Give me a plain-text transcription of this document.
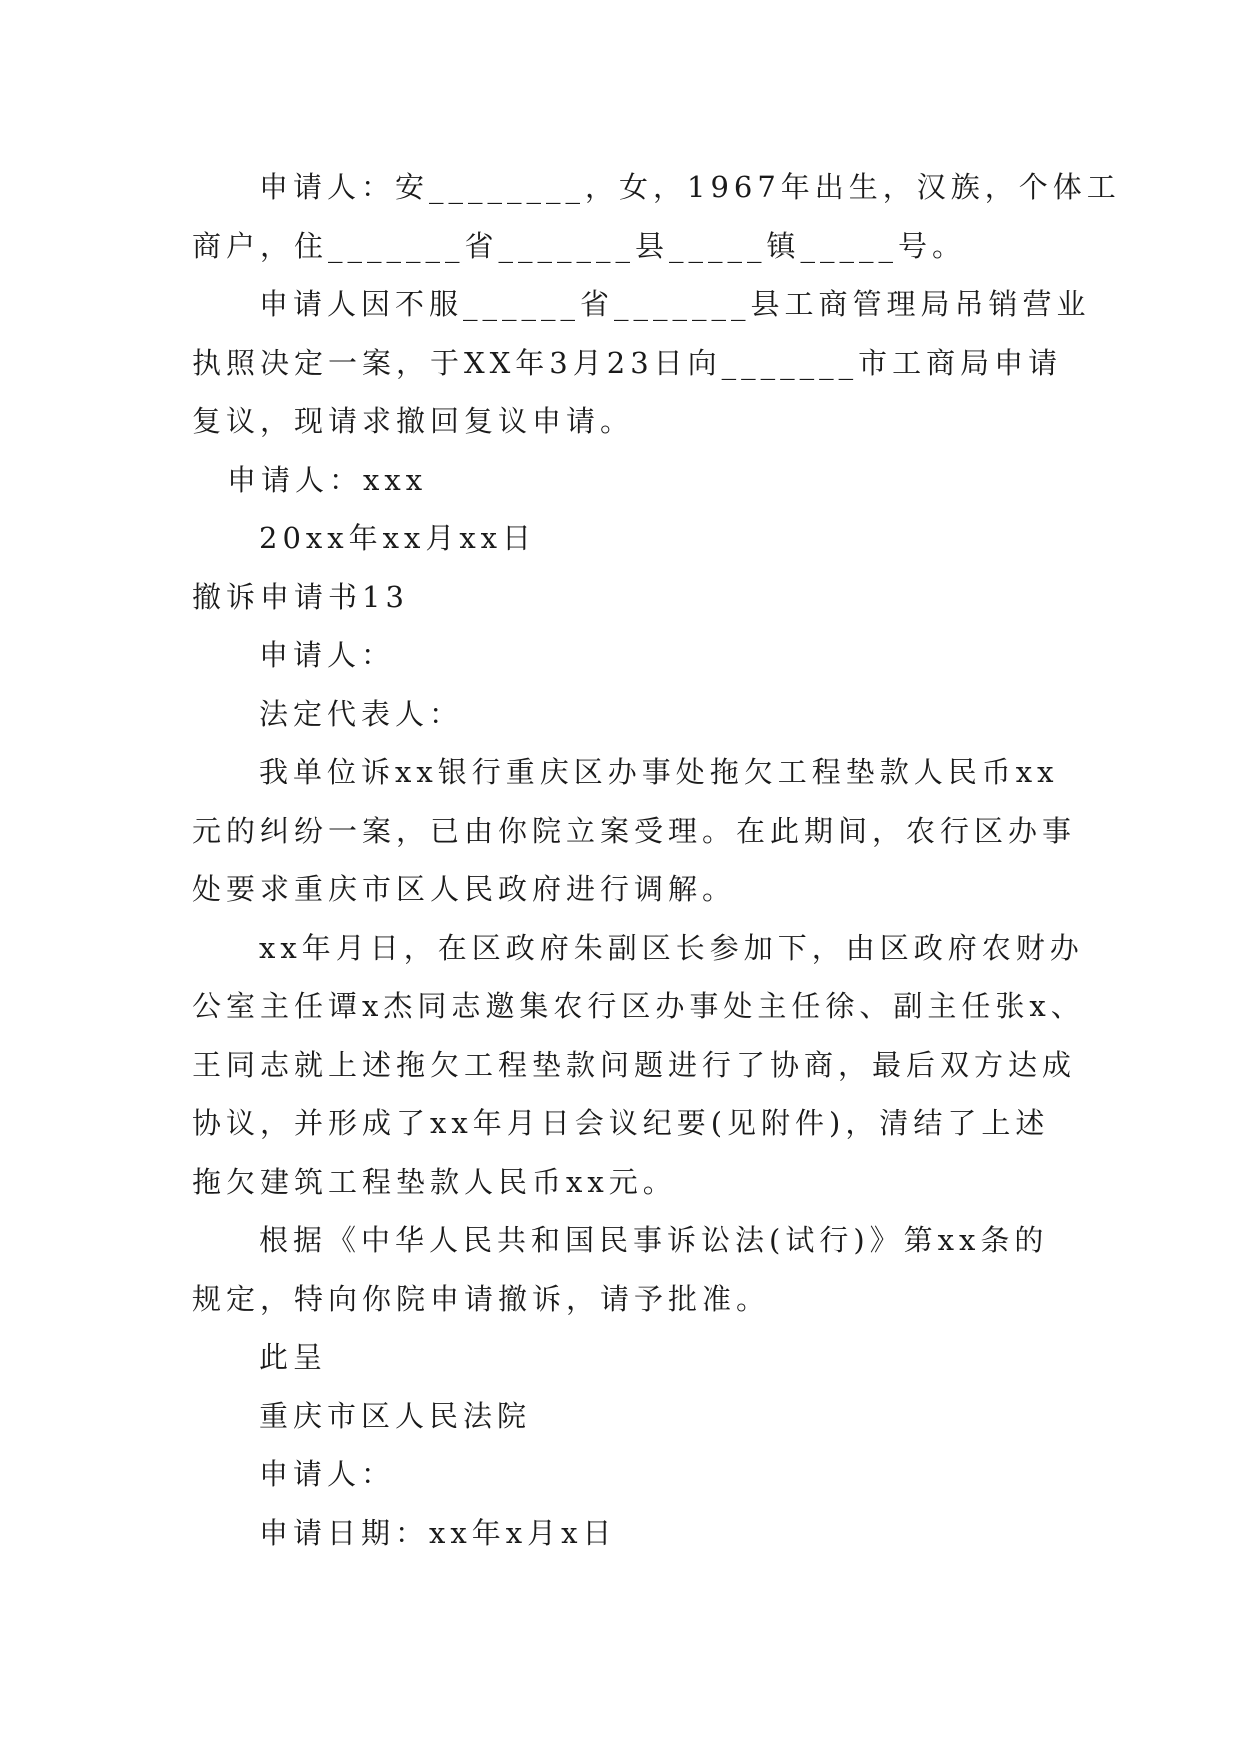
申请人：安________，女，1967年出生，汉族，个体工
商户，住_______省_______县_____镇_____号。
申请人因不服______省_______县工商管理局吊销营业
执照决定一案，于XX年3月23日向_______市工商局申请
复议，现请求撤回复议申请。
申请人：xxx
20xx年xx月xx日
撤诉申请书13
申请人：
法定代表人：
我单位诉xx银行重庆区办事处拖欠工程垫款人民币xx
元的纠纷一案，已由你院立案受理。在此期间，农行区办事
处要求重庆市区人民政府进行调解。
xx年月日，在区政府朱副区长参加下，由区政府农财办
公室主任谭x杰同志邀集农行区办事处主任徐、副主任张x、
王同志就上述拖欠工程垫款问题进行了协商，最后双方达成
协议，并形成了xx年月日会议纪要(见附件)，清结了上述
拖欠建筑工程垫款人民币xx元。
根据《中华人民共和国民事诉讼法(试行)》第xx条的
规定，特向你院申请撤诉，请予批准。
此呈
重庆市区人民法院
申请人：
申请日期：xx年x月x日
